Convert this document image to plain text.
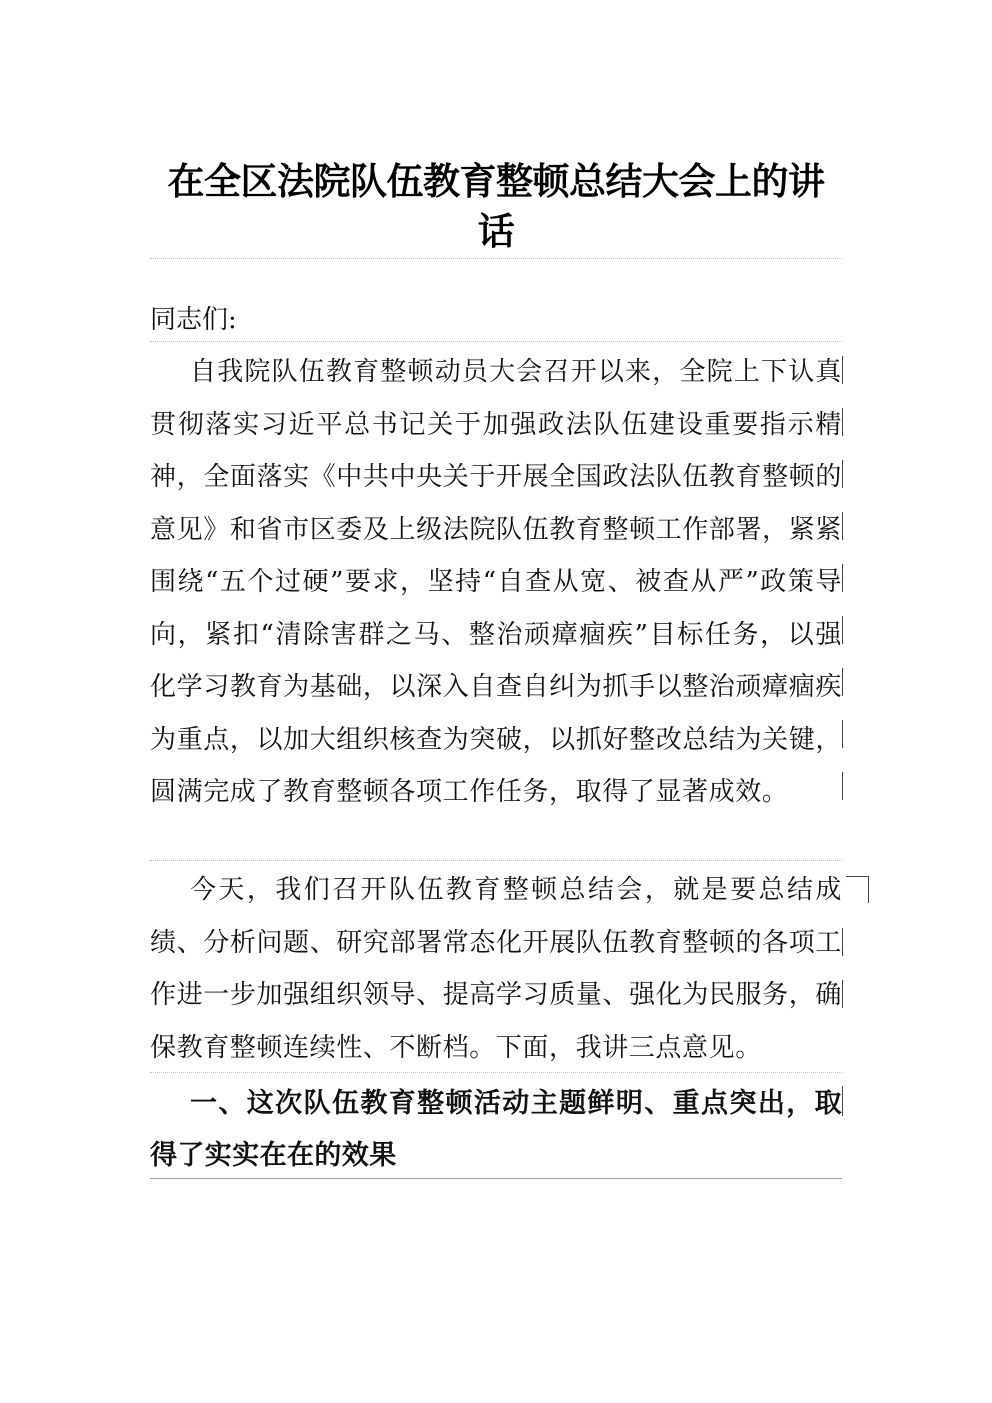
在全区法院队伍教育整顿总结大会上的讲话
同志们:
自我院队伍教育整顿动员大会召开以来，全院上下认真贯彻落实习近平总书记关于加强政法队伍建设重要指示精神，全面落实《中共中央关于开展全国政法队伍教育整顿的意见》和省市区委及上级法院队伍教育整顿工作部署，紧紧围绕“五个过硬”要求，坚持“自查从宽、被查从严”政策导向，紧扣“清除害群之马、整治顽瘴痼疾”目标任务，以强化学习教育为基础，以深入自查自纠为抓手以整治顽瘴痼疾为重点，以加大组织核查为突破，以抓好整改总结为关键，圆满完成了教育整顿各项工作任务，取得了显著成效。
今天，我们召开队伍教育整顿总结会，就是要总结成绩、分析问题、研究部署常态化开展队伍教育整顿的各项工作进一步加强组织领导、提高学习质量、强化为民服务，确保教育整顿连续性、不断档。下面，我讲三点意见。
一、这次队伍教育整顿活动主题鲜明、重点突出，取得了实实在在的效果
